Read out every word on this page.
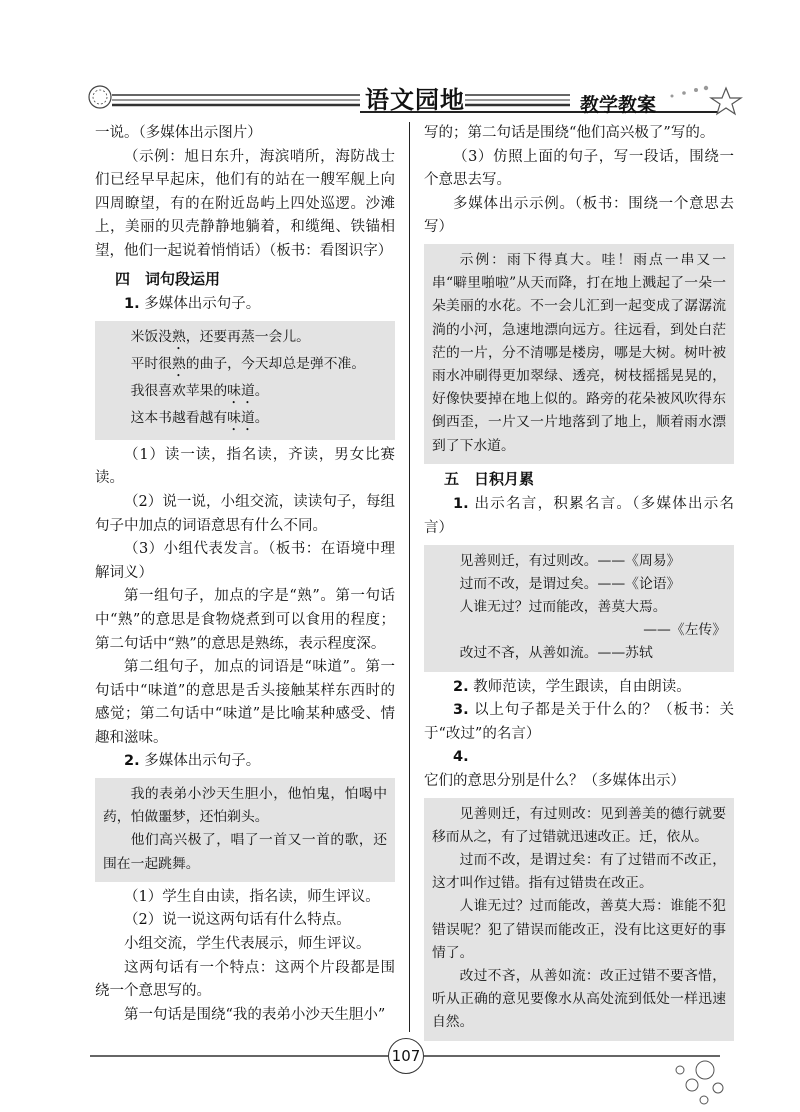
语文园地	教学教案

一说。（多媒体出示图片）

（示例：旭日东升，海滨哨所，海防战士们已经早早起床，他们有的站在一艘军舰上向四周瞭望，有的在附近岛屿上四处巡逻。沙滩上，美丽的贝壳静静地躺着，和缆绳、铁锚相望，他们一起说着悄悄话）（板书：看图识字）

四　词句段运用

1. 多媒体出示句子。

米饭没熟，还要再蒸一会儿。

平时很熟的曲子，今天却总是弹不准。

我很喜欢苹果的味道。

这本书越看越有味道。

（1）读一读，指名读，齐读，男女比赛读。

（2）说一说，小组交流，读读句子，每组句子中加点的词语意思有什么不同。

（3）小组代表发言。（板书：在语境中理解词义）

第一组句子，加点的字是“熟”。第一句话中“熟”的意思是食物烧煮到可以食用的程度；第二句话中“熟”的意思是熟练，表示程度深。

第二组句子，加点的词语是“味道”。第一句话中“味道”的意思是舌头接触某样东西时的感觉；第二句话中“味道”是比喻某种感受、情趣和滋味。

2. 多媒体出示句子。

我的表弟小沙天生胆小，他怕鬼，怕喝中药，怕做噩梦，还怕剃头。

他们高兴极了，唱了一首又一首的歌，还围在一起跳舞。

（1）学生自由读，指名读，师生评议。

（2）说一说这两句话有什么特点。

小组交流，学生代表展示，师生评议。

这两句话有一个特点：这两个片段都是围绕一个意思写的。

第一句话是围绕“我的表弟小沙天生胆小”

写的；第二句话是围绕“他们高兴极了”写的。

（3）仿照上面的句子，写一段话，围绕一个意思去写。

多媒体出示示例。（板书：围绕一个意思去写）

示例：雨下得真大。哇！雨点一串又一串“噼里啪啦”从天而降，打在地上溅起了一朵一朵美丽的水花。不一会儿汇到一起变成了潺潺流淌的小河，急速地漂向远方。往远看，到处白茫茫的一片，分不清哪是楼房，哪是大树。树叶被雨水冲刷得更加翠绿、透亮，树枝摇摇晃晃的，好像快要掉在地上似的。路旁的花朵被风吹得东倒西歪，一片又一片地落到了地上，顺着雨水漂到了下水道。

五　日积月累

1. 出示名言，积累名言。（多媒体出示名言）

见善则迁，有过则改。——《周易》

过而不改，是谓过矣。——《论语》

人谁无过？过而能改，善莫大焉。

——《左传》

改过不吝，从善如流。——苏轼

2. 教师范读，学生跟读，自由朗读。

3. 以上句子都是关于什么的？（板书：关于“改过”的名言）

4. 它们的意思分别是什么？（多媒体出示）

见善则迁，有过则改：见到善美的德行就要移而从之，有了过错就迅速改正。迁，依从。

过而不改，是谓过矣：有了过错而不改正，这才叫作过错。指有过错贵在改正。

人谁无过？过而能改，善莫大焉：谁能不犯错误呢？犯了错误而能改正，没有比这更好的事情了。

改过不吝，从善如流：改正过错不要吝惜，听从正确的意见要像水从高处流到低处一样迅速自然。

107
